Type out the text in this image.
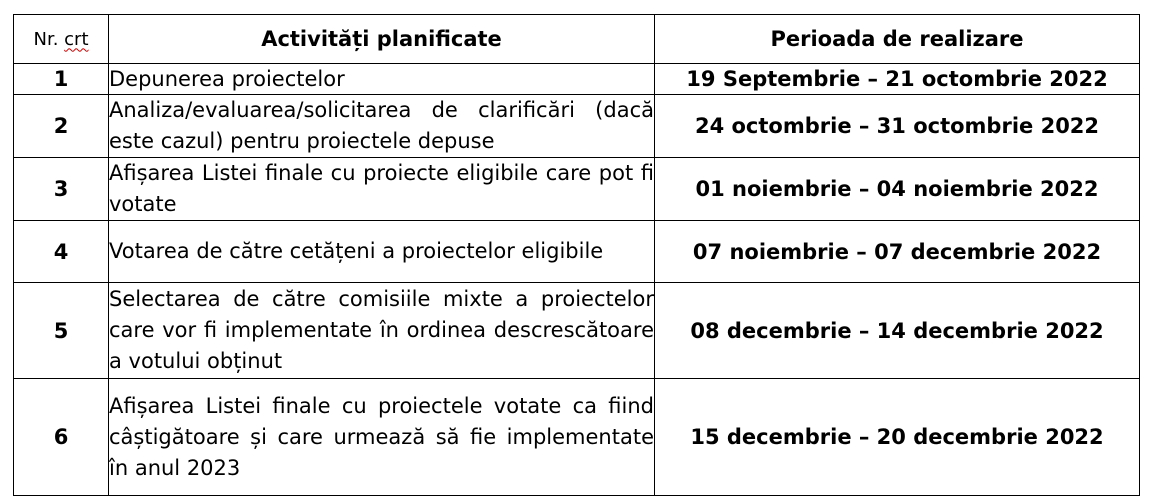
Nr. crt	Activități planificate	Perioada de realizare
1	Depunerea proiectelor	19 Septembrie – 21 octombrie 2022
2	Analiza/evaluarea/solicitarea de clarificări (dacă este cazul) pentru proiectele depuse	24 octombrie – 31 octombrie 2022
3	Afișarea Listei finale cu proiecte eligibile care pot fi votate	01 noiembrie – 04 noiembrie 2022
4	Votarea de către cetățeni a proiectelor eligibile	07 noiembrie – 07 decembrie 2022
5	Selectarea de către comisiile mixte a proiectelor care vor fi implementate în ordinea descrescătoare a votului obținut	08 decembrie – 14 decembrie 2022
6	Afișarea Listei finale cu proiectele votate ca fiind câștigătoare și care urmează să fie implementate în anul 2023	15 decembrie – 20 decembrie 2022
